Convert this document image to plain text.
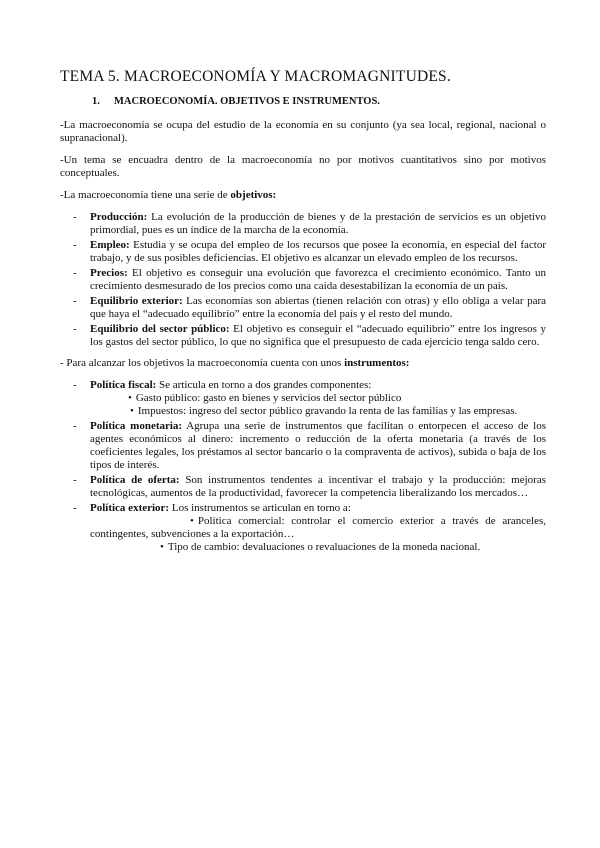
TEMA 5. MACROECONOMÍA Y MACROMAGNITUDES.
1. MACROECONOMÍA. OBJETIVOS E INSTRUMENTOS.

-La macroeconomía se ocupa del estudio de la economía en su conjunto (ya sea local, regional, nacional o supranacional).

-Un tema se encuadra dentro de la macroeconomía no por motivos cuantitativos sino por motivos conceptuales.

-La macroeconomía tiene una serie de objetivos:

- Producción: La evolución de la producción de bienes y de la prestación de servicios es un objetivo primordial, pues es un índice de la marcha de la economía.
- Empleo: Estudia y se ocupa del empleo de los recursos que posee la economía, en especial del factor trabajo, y de sus posibles deficiencias. El objetivo es alcanzar un elevado empleo de los recursos.
- Precios: El objetivo es conseguir una evolución que favorezca el crecimiento económico. Tanto un crecimiento desmesurado de los precios como una caída desestabilizan la economía de un país.
- Equilibrio exterior: Las economías son abiertas (tienen relación con otras) y ello obliga a velar para que haya el “adecuado equilibrio” entre la economía del país y el resto del mundo.
- Equilibrio del sector público: El objetivo es conseguir el “adecuado equilibrio” entre los ingresos y los gastos del sector público, lo que no significa que el presupuesto de cada ejercicio tenga saldo cero.

- Para alcanzar los objetivos la macroeconomía cuenta con unos instrumentos:

- Política fiscal: Se articula en torno a dos grandes componentes:
• Gasto público: gasto en bienes y servicios del sector público
• Impuestos: ingreso del sector público gravando la renta de las familias y las empresas.
- Política monetaria: Agrupa una serie de instrumentos que facilitan o entorpecen el acceso de los agentes económicos al dinero: incremento o reducción de la oferta monetaria (a través de los coeficientes legales, los préstamos al sector bancario o la compraventa de activos), subida o baja de los tipos de interés.
- Política de oferta: Son instrumentos tendentes a incentivar el trabajo y la producción: mejoras tecnológicas, aumentos de la productividad, favorecer la competencia liberalizando los mercados…
- Política exterior: Los instrumentos se articulan en torno a:
• Política comercial: controlar el comercio exterior a través de aranceles, contingentes, subvenciones a la exportación…
• Tipo de cambio: devaluaciones o revaluaciones de la moneda nacional.
